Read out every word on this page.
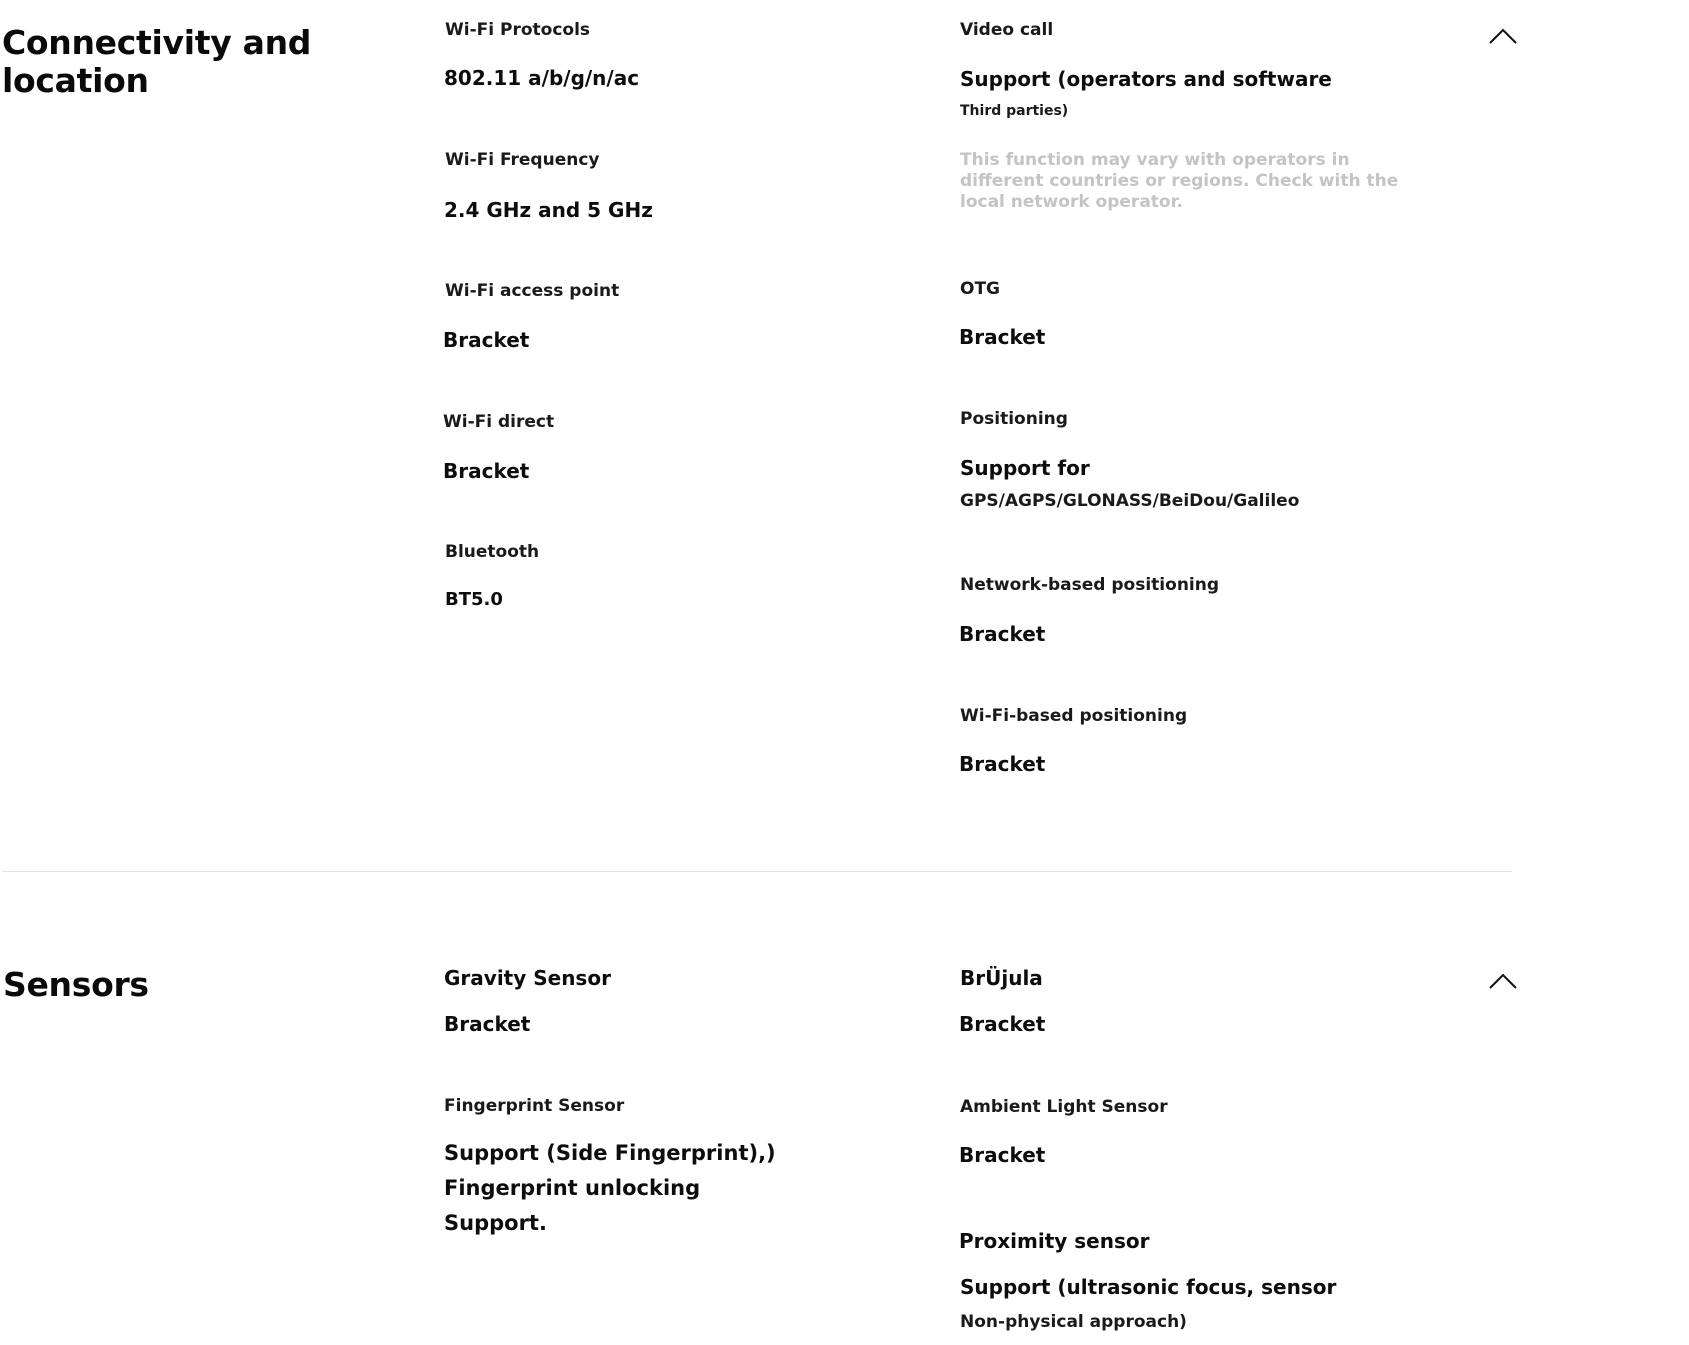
Connectivity and
location
Wi-Fi Protocols
802.11 a/b/g/n/ac
Wi-Fi Frequency
2.4 GHz and 5 GHz
Wi-Fi access point
Bracket
Wi-Fi direct
Bracket
Bluetooth
BT5.0
Video call
Support (operators and software
Third parties)
This function may vary with operators in different countries or regions. Check with the local network operator.
OTG
Bracket
Positioning
Support for
GPS/AGPS/GLONASS/BeiDou/Galileo
Network-based positioning
Bracket
Wi-Fi-based positioning
Bracket
Sensors	Gravity Sensor
Bracket
Fingerprint Sensor
Support (Side Fingerprint),)
Fingerprint unlocking
Support.
BrÜjula
Bracket
Ambient Light Sensor
Bracket
Proximity sensor
Support (ultrasonic focus, sensor
Non-physical approach)
